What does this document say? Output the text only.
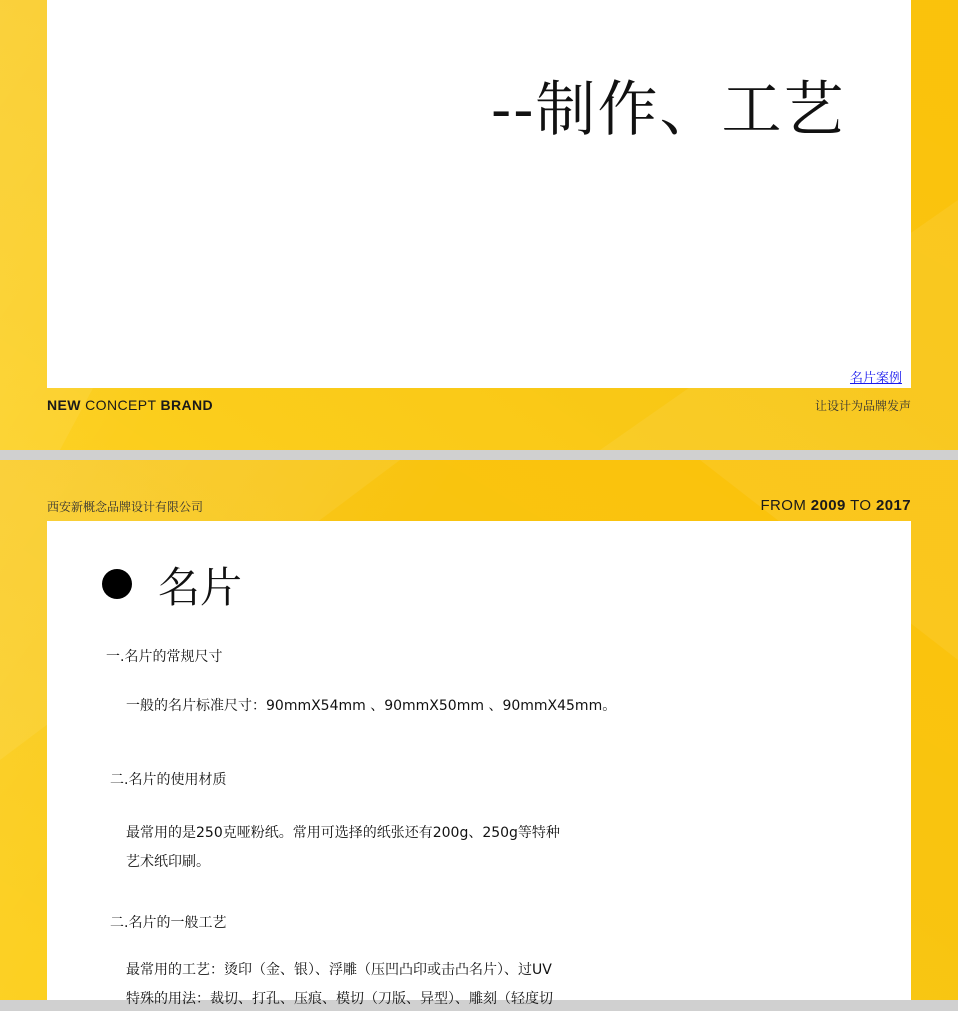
--制作、工艺
名片案例
NEW CONCEPT BRAND	让设计为品牌发声
西安新概念品牌设计有限公司	FROM 2009 TO 2017
名片

一.名片的常规尺寸

一般的名片标准尺寸：90mmX54mm 、90mmX50mm 、90mmX45mm。

二.名片的使用材质

最常用的是250克哑粉纸。常用可选择的纸张还有200g、250g等特种

艺术纸印刷。

二.名片的一般工艺

最常用的工艺：烫印（金、银）、浮雕（压凹凸印或击凸名片）、过UV

特殊的用法：裁切、打孔、压痕、模切（刀版、异型）、雕刻（轻度切
